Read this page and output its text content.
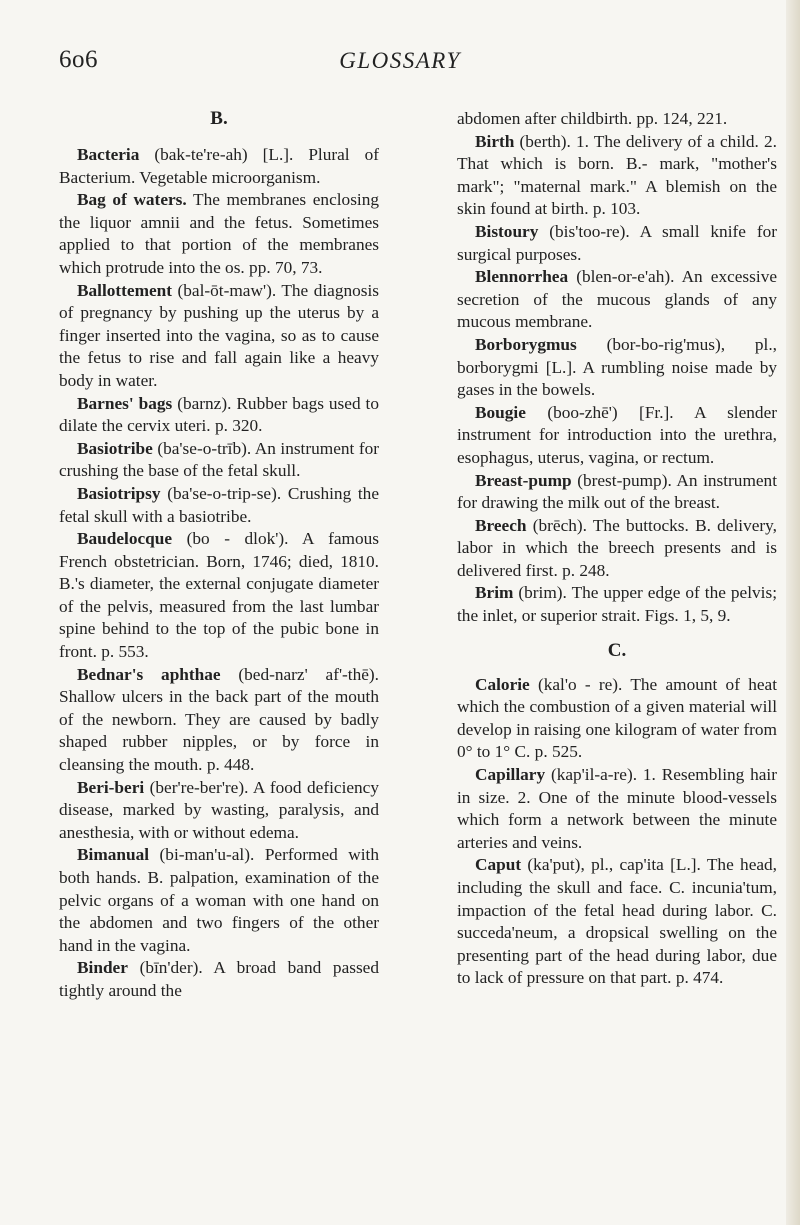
6o6	GLOSSARY
B.

Bacteria (bak-te're-ah) [L.]. Plural of Bacterium. Vegetable microorganism.

Bag of waters. The membranes enclosing the liquor amnii and the fetus. Sometimes applied to that portion of the membranes which protrude into the os. pp. 70, 73.

Ballottement (bal-ōt-maw'). The diagnosis of pregnancy by pushing up the uterus by a finger inserted into the vagina, so as to cause the fetus to rise and fall again like a heavy body in water.

Barnes' bags (barnz). Rubber bags used to dilate the cervix uteri. p. 320.

Basiotribe (ba'se-o-trīb). An instrument for crushing the base of the fetal skull.

Basiotripsy (ba'se-o-trip-se). Crushing the fetal skull with a basiotribe.

Baudelocque (bo - dlok'). A famous French obstetrician. Born, 1746; died, 1810. B.'s diameter, the external conjugate diameter of the pelvis, measured from the last lumbar spine behind to the top of the pubic bone in front. p. 553.

Bednar's aphthae (bed-narz' af'-thē). Shallow ulcers in the back part of the mouth of the newborn. They are caused by badly shaped rubber nipples, or by force in cleansing the mouth. p. 448.

Beri-beri (ber're-ber're). A food deficiency disease, marked by wasting, paralysis, and anesthesia, with or without edema.

Bimanual (bi-man'u-al). Performed with both hands. B. palpation, examination of the pelvic organs of a woman with one hand on the abdomen and two fingers of the other hand in the vagina.

Binder (bīn'der). A broad band passed tightly around the

abdomen after childbirth. pp. 124, 221.

Birth (berth). 1. The delivery of a child. 2. That which is born. B.- mark, "mother's mark"; "maternal mark." A blemish on the skin found at birth. p. 103.

Bistoury (bis'too-re). A small knife for surgical purposes.

Blennorrhea (blen-or-e'ah). An excessive secretion of the mucous glands of any mucous membrane.

Borborygmus (bor-bo-rig'mus), pl., borborygmi [L.]. A rumbling noise made by gases in the bowels.

Bougie (boo-zhē') [Fr.]. A slender instrument for introduction into the urethra, esophagus, uterus, vagina, or rectum.

Breast-pump (brest-pump). An instrument for drawing the milk out of the breast.

Breech (brēch). The buttocks. B. delivery, labor in which the breech presents and is delivered first. p. 248.

Brim (brim). The upper edge of the pelvis; the inlet, or superior strait. Figs. 1, 5, 9.

C.

Calorie (kal'o - re). The amount of heat which the combustion of a given material will develop in raising one kilogram of water from 0° to 1° C. p. 525.

Capillary (kap'il-a-re). 1. Resembling hair in size. 2. One of the minute blood-vessels which form a network between the minute arteries and veins.

Caput (ka'put), pl., cap'ita [L.]. The head, including the skull and face. C. incunia'tum, impaction of the fetal head during labor. C. succeda'neum, a dropsical swelling on the presenting part of the head during labor, due to lack of pressure on that part. p. 474.
